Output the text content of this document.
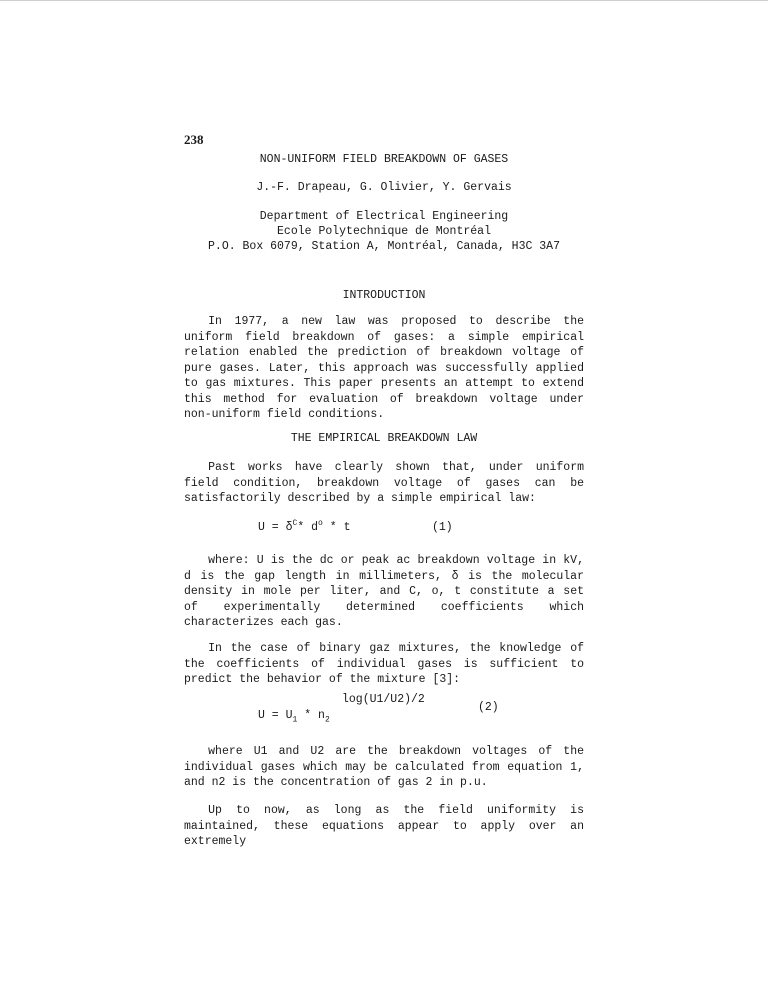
238
NON-UNIFORM FIELD BREAKDOWN OF GASES
J.-F. Drapeau, G. Olivier, Y. Gervais
Department of Electrical Engineering
Ecole Polytechnique de Montréal
P.O. Box 6079, Station A, Montréal, Canada, H3C 3A7
INTRODUCTION

In 1977, a new law was proposed to describe the uniform field breakdown of gases: a simple empirical relation enabled the prediction of breakdown voltage of pure gases. Later, this approach was successfully applied to gas mixtures. This paper presents an attempt to extend this method for evaluation of breakdown voltage under non-uniform field conditions.

THE EMPIRICAL BREAKDOWN LAW

Past works have clearly shown that, under uniform field condition, breakdown voltage of gases can be satisfactorily described by a simple empirical law:

$U = \delta^C*$ $d^o$ * t	(1)

where: U is the dc or peak ac breakdown voltage in kV, d is the gap length in millimeters, δ is the molecular density in mole per liter, and C, o, t constitute a set of experimentally determined coefficients which characterizes each gas.

In the case of binary gaz mixtures, the knowledge of the coefficients of individual gases is sufficient to predict the behavior of the mixture [3]:

log(U1/U2)/2
$U = U_1 * n_2$
(2)

where U1 and U2 are the breakdown voltages of the individual gases which may be calculated from equation 1, and n2 is the concentration of gas 2 in p.u.

Up to now, as long as the field uniformity is maintained, these equations appear to apply over an extremely
